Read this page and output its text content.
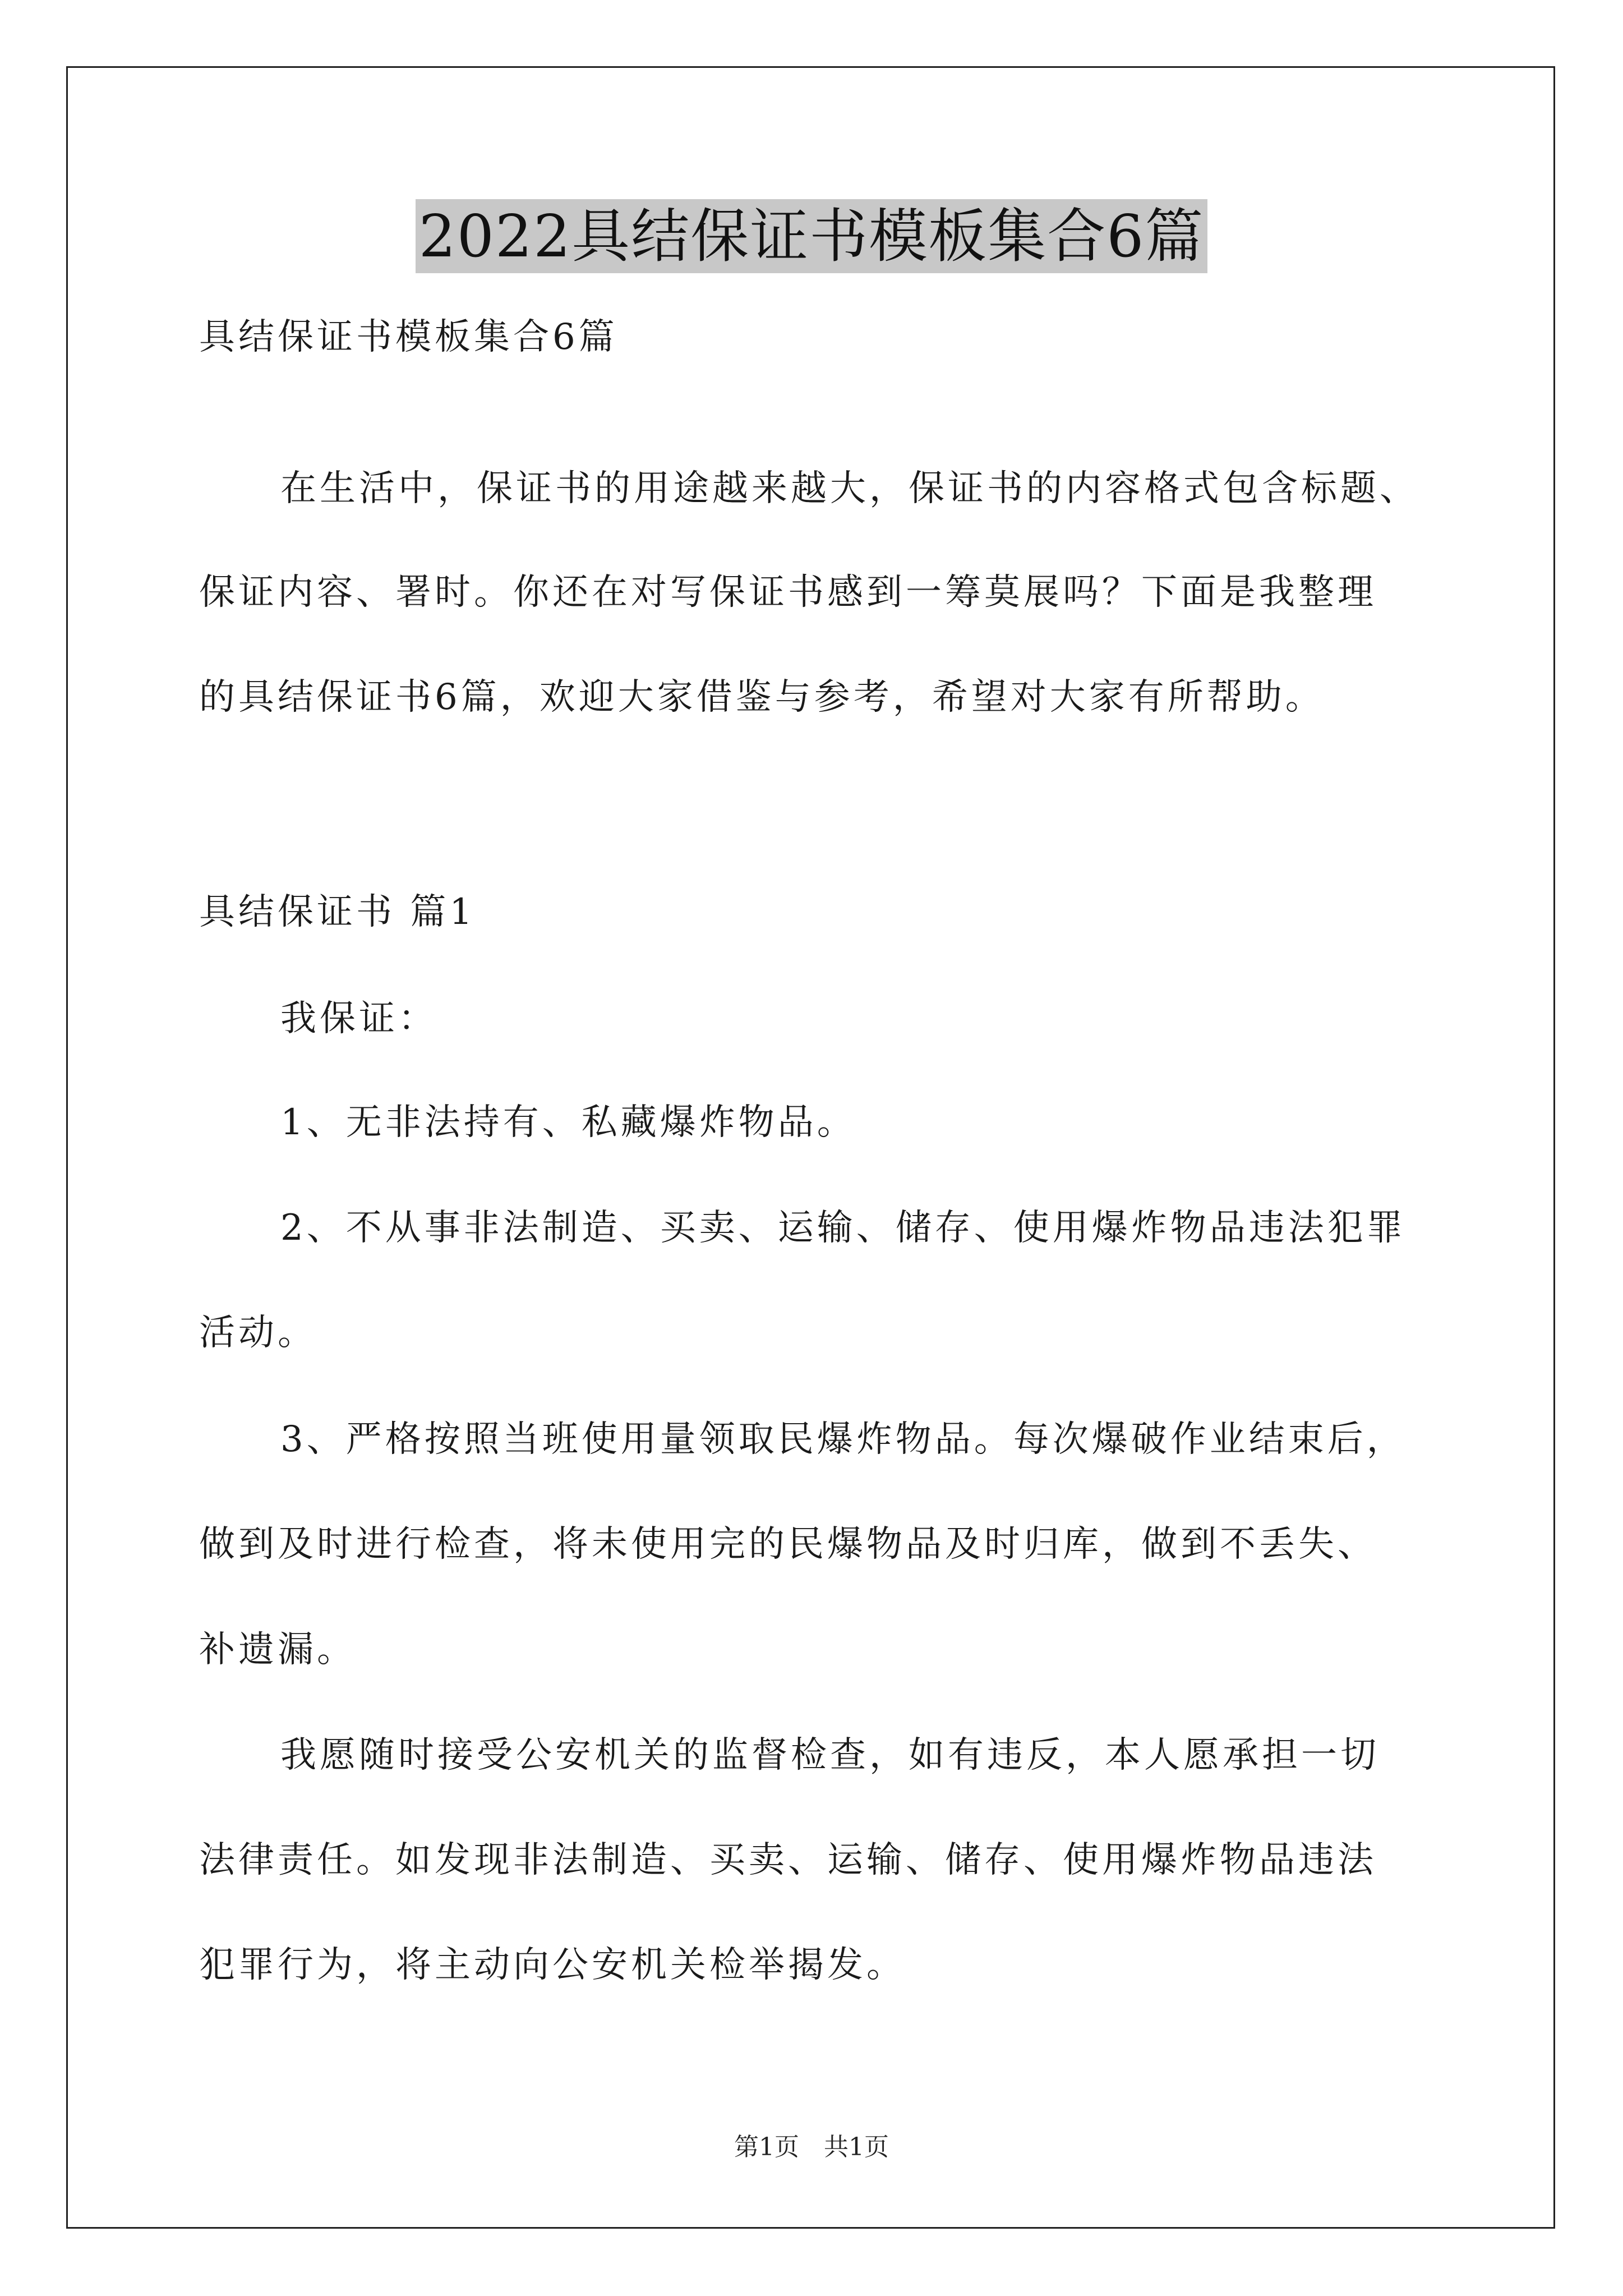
2022具结保证书模板集合6篇
具结保证书模板集合6篇
在生活中，保证书的用途越来越大，保证书的内容格式包含标题、
保证内容、署时。你还在对写保证书感到一筹莫展吗？下面是我整理
的具结保证书6篇，欢迎大家借鉴与参考，希望对大家有所帮助。
具结保证书 篇1
我保证：
1、无非法持有、私藏爆炸物品。
2、不从事非法制造、买卖、运输、储存、使用爆炸物品违法犯罪
活动。
3、严格按照当班使用量领取民爆炸物品。每次爆破作业结束后，
做到及时进行检查，将未使用完的民爆物品及时归库，做到不丢失、
补遗漏。
我愿随时接受公安机关的监督检查，如有违反，本人愿承担一切
法律责任。如发现非法制造、买卖、运输、储存、使用爆炸物品违法
犯罪行为，将主动向公安机关检举揭发。
第1页　共1页
